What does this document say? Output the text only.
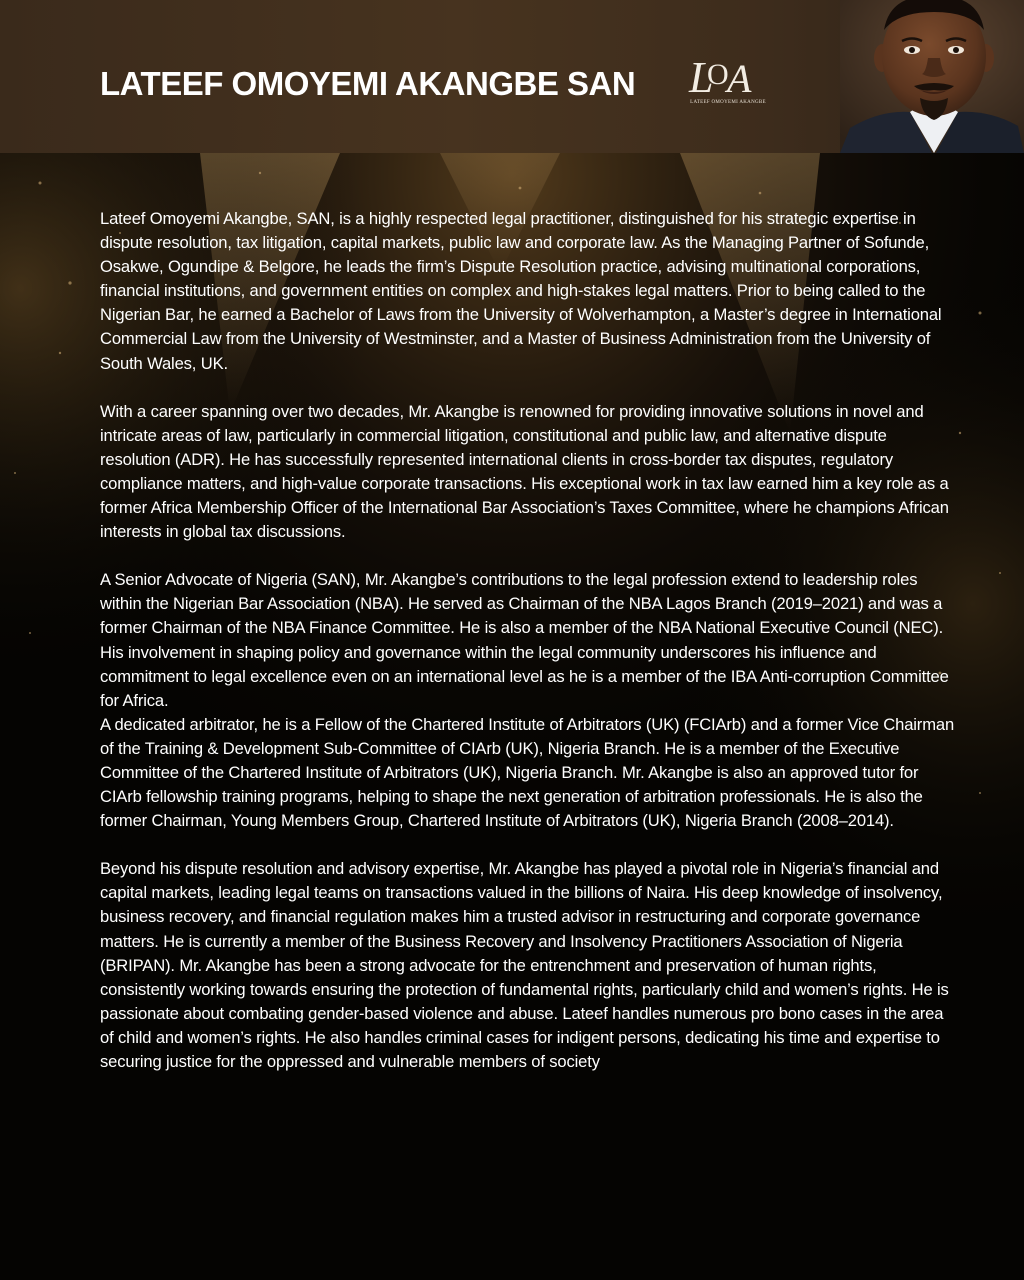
LATEEF OMOYEMI AKANGBE SAN L
O
A
LATEEF OMOYEMI AKANGBE

Lateef Omoyemi Akangbe, SAN, is a highly respected legal practitioner, distinguished for his strategic expertise in dispute resolution, tax litigation, capital markets, public law and corporate law. As the Managing Partner of Sofunde, Osakwe, Ogundipe & Belgore, he leads the firm’s Dispute Resolution practice, advising multinational corporations, financial institutions, and government entities on complex and high-stakes legal matters. Prior to being called to the Nigerian Bar, he earned a Bachelor of Laws from the University of Wolverhampton, a Master’s degree in International Commercial Law from the University of Westminster, and a Master of Business Administration from the University of South Wales, UK.

With a career spanning over two decades, Mr. Akangbe is renowned for providing innovative solutions in novel and intricate areas of law, particularly in commercial litigation, constitutional and public law, and alternative dispute resolution (ADR). He has successfully represented international clients in cross-border tax disputes, regulatory compliance matters, and high-value corporate transactions. His exceptional work in tax law earned him a key role as a former Africa Membership Officer of the International Bar Association’s Taxes Committee, where he champions African interests in global tax discussions.

A Senior Advocate of Nigeria (SAN), Mr. Akangbe’s contributions to the legal profession extend to leadership roles within the Nigerian Bar Association (NBA). He served as Chairman of the NBA Lagos Branch (2019–2021) and was a former Chairman of the NBA Finance Committee. He is also a member of the NBA National Executive Council (NEC). His involvement in shaping policy and governance within the legal community underscores his influence and commitment to legal excellence even on an international level as he is a member of the IBA Anti-corruption Committee for Africa.

A dedicated arbitrator, he is a Fellow of the Chartered Institute of Arbitrators (UK) (FCIArb) and a former Vice Chairman of the Training & Development Sub-Committee of CIArb (UK), Nigeria Branch. He is a member of the Executive Committee of the Chartered Institute of Arbitrators (UK), Nigeria Branch. Mr. Akangbe is also an approved tutor for CIArb fellowship training programs, helping to shape the next generation of arbitration professionals. He is also the former Chairman, Young Members Group, Chartered Institute of Arbitrators (UK), Nigeria Branch (2008–2014).

Beyond his dispute resolution and advisory expertise, Mr. Akangbe has played a pivotal role in Nigeria’s financial and capital markets, leading legal teams on transactions valued in the billions of Naira. His deep knowledge of insolvency, business recovery, and financial regulation makes him a trusted advisor in restructuring and corporate governance matters. He is currently a member of the Business Recovery and Insolvency Practitioners Association of Nigeria (BRIPAN). Mr. Akangbe has been a strong advocate for the entrenchment and preservation of human rights, consistently working towards ensuring the protection of fundamental rights, particularly child and women’s rights. He is passionate about combating gender-based violence and abuse. Lateef handles numerous pro bono cases in the area of child and women’s rights. He also handles criminal cases for indigent persons, dedicating his time and expertise to securing justice for the oppressed and vulnerable members of society
